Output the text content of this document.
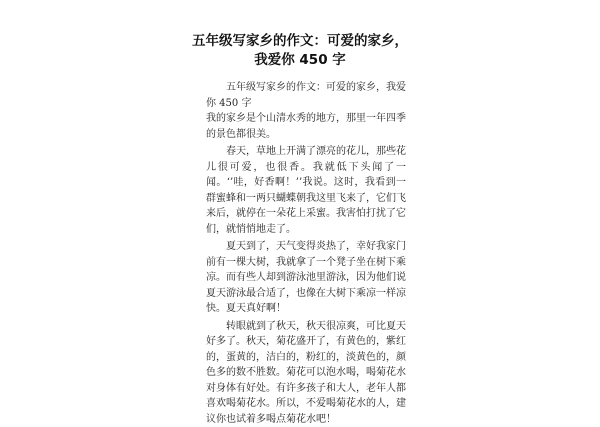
五年级写家乡的作文：可爱的家乡，
我爱你 450 字

五年级写家乡的作文：可爱的家乡，我爱你 450 字

我的家乡是个山清水秀的地方，那里一年四季的景色都很美。

春天，草地上开满了漂亮的花儿，那些花儿很可爱，也很香。我就低下头闻了一闻。‘’哇，好香啊！’’我说。这时，我看到一群蜜蜂和一两只蝴蝶朝我这里飞来了，它们飞来后，就停在一朵花上采蜜。我害怕打扰了它们，就悄悄地走了。

夏天到了，天气变得炎热了，幸好我家门前有一棵大树，我就拿了一个凳子坐在树下乘凉。而有些人却到游泳池里游泳，因为他们说夏天游泳最合适了，也像在大树下乘凉一样凉快。夏天真好啊！

转眼就到了秋天，秋天很凉爽，可比夏天好多了。秋天，菊花盛开了，有黄色的，紫红的，蛋黄的，洁白的，粉红的，淡黄色的，颜色多的数不胜数。菊花可以泡水喝，喝菊花水对身体有好处。有许多孩子和大人，老年人都喜欢喝菊花水。所以，不爱喝菊花水的人，建议你也试着多喝点菊花水吧！
